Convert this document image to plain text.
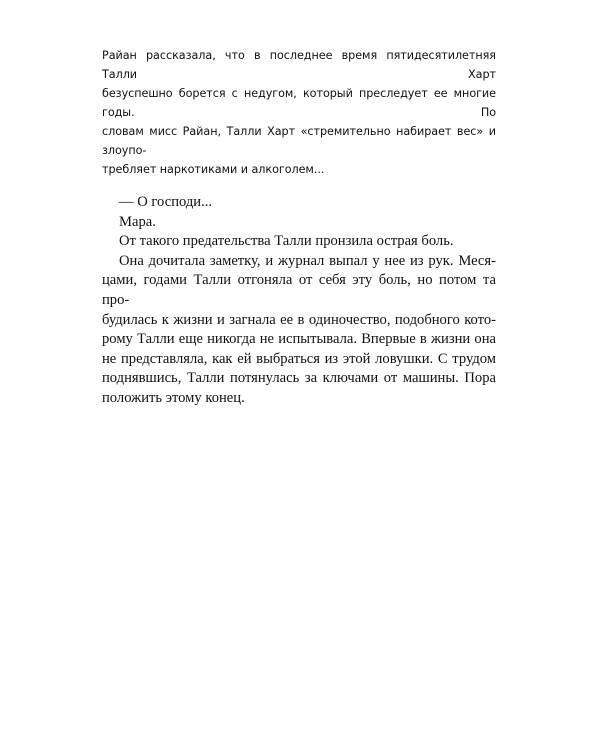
Райан рассказала, что в последнее время пятидесятилетняя Талли Харт
безуспешно борется с недугом, который преследует ее многие годы. По
словам мисс Райан, Талли Харт «стремительно набирает вес» и злоупо-
требляет наркотиками и алкоголем...
— О господи...
Мара.
От такого предательства Талли пронзила острая боль.
Она дочитала заметку, и журнал выпал у нее из рук. Меся-
цами, годами Талли отгоняла от себя эту боль, но потом та про-
будилась к жизни и загнала ее в одиночество, подобного кото-
рому Талли еще никогда не испытывала. Впервые в жизни она
не представляла, как ей выбраться из этой ловушки. С трудом
поднявшись, Талли потянулась за ключами от машины. Пора
положить этому конец.
